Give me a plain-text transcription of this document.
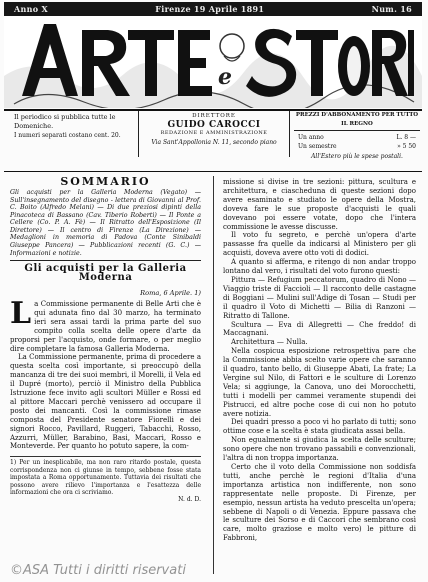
Anno X	Firenze 19 Aprile 1891	Num. 16
e
Il periodico si pubblica tutte le Domeniche.
I numeri separati costano cent. 20.
DIRETTORE
GUIDO CAROCCI
REDAZIONE E AMMINISTRAZIONE
Via Sant'Appollonia N. 11, secondo piano
PREZZI D'ABBONAMENTO PER TUTTO IL REGNO
Un anno	L. 8 —
Un semestre	» 5 50
All'Estero più le spese postali.
SOMMARIO
Gli acquisti per la Galleria Moderna (Vegato) — Sull'insegnamento del disegno - lettera di Giovanni al Prof. C. Boito (Alfredo Melani) — Di due preziosi dipinti della Pinacoteca di Bassano (Cav. Tiberio Roberti) — Il Ponte a Cellere (Co. P. A. Fè) — Il Ritratto dell'Esposizione (Il Direttore) — Il centro di Firenze (La Direzione) — Medaglioni in memoria di Padova (Conte Sinibaldi Giuseppe Pancera) — Pubblicazioni recenti (G. C.) — Informazioni e notizie.
Gli acquisti per la Galleria Moderna
Roma, 6 Aprile. 1)

La Commissione permanente di Belle Arti che è qui adunata fino dal 30 marzo, ha terminato ieri sera assai tardi la prima parte del suo compito colla scelta delle opere d'arte da proporsi per l'acquisto, onde formare, o per meglio dire completare la famosa Galleria Moderna.

La Commissione permanente, prima di procedere a questa scelta così importante, si preoccupò della mancanza di tre dei suoi membri, il Morelli, il Vela ed il Dupré (morto), perciò il Ministro della Pubblica Istruzione fece invito agli scultori Müller e Rossi ed al pittore Maccari perchè venissero ad occupare il posto dei mancanti. Così la commissione rimase composta del Presidente senatore Fiorelli e dei signori Rocco, Pavillard, Ruggeri, Tabacchi, Rosso, Azzurri, Müller, Barabino, Basi, Maccari, Rosso e Monteverde. Per quanto ho potuto sapere, la com-

1) Per un inesplicabile, ma non raro ritardo postale, questa corrispondenza non ci giunse in tempo, sebbene fosse stata impostata a Roma opportunamente. Tuttavia dei risultati che possono avere rilievo l'importanza e l'esattezza delle informazioni che ora ci scriviamo.
N. d. D.

missione si divise in tre sezioni: pittura, scultura e architettura, e ciascheduna di queste sezioni dopo avere esaminato e studiato le opere della Mostra, doveva fare le sue proposte d'acquisti le quali dovevano poi essere votate, dopo che l'intera commissione le avesse discusse.

Il voto fu segreto, e perchè un'opera d'arte passasse fra quelle da indicarsi al Ministero per gli acquisti, doveva avere otto voti di dodici.

A quanto si afferma, e ritengo di non andar troppo lontano dal vero, i risultati del voto furono questi:

Pittura — Refugium peccatorum, quadro di Nono — Viaggio triste di Faccioli — Il racconto delle castagne di Boggiani — Mulini sull'Adige di Tosan — Studi per il quadro il Voto di Michetti — Bilia di Ranzoni — Ritratto di Tallone.

Scultura — Eva di Allegretti — Che freddo! di Maccagnani.

Architettura — Nulla.

Nella cospicua esposizione retrospettiva pare che la Commissione abbia scelto varie opere che saranno il quadro, tanto bello, di Giuseppe Abati, La frate; La Vergine sul Nilo, di Fattori e le sculture di Lorenzo Vela; si aggiunge, la Canova, uno dei Morocchetti, tutti i modelli per cammei veramente stupendi dei Pistrucci, ed altre poche cose di cui non ho potuto avere notizia.

Dei quadri presso a poco vi ho parlato di tutti; sono ottime cose e la scelta è stata giudicata assai bella.

Non egualmente si giudica la scelta delle sculture; sono opere che non trovano passabili e convenzionali, l'altra di non troppa importanza.

Certo che il voto della Commissione non soddisfa tutti, anche perchè le regioni d'Italia d'una importanza artistica non indifferente, non sono rappresentate nelle proposte. Di Firenze, per esempio, nessun artista ha veduto prescelta un'opera; sebbene di Napoli o di Venezia. Eppure passava che le sculture dei Sorso e di Caccori che sembrano così care, molto graziose e molto vero) le pitture di Fabbroni,

©ASA Tutti i diritti riservati
